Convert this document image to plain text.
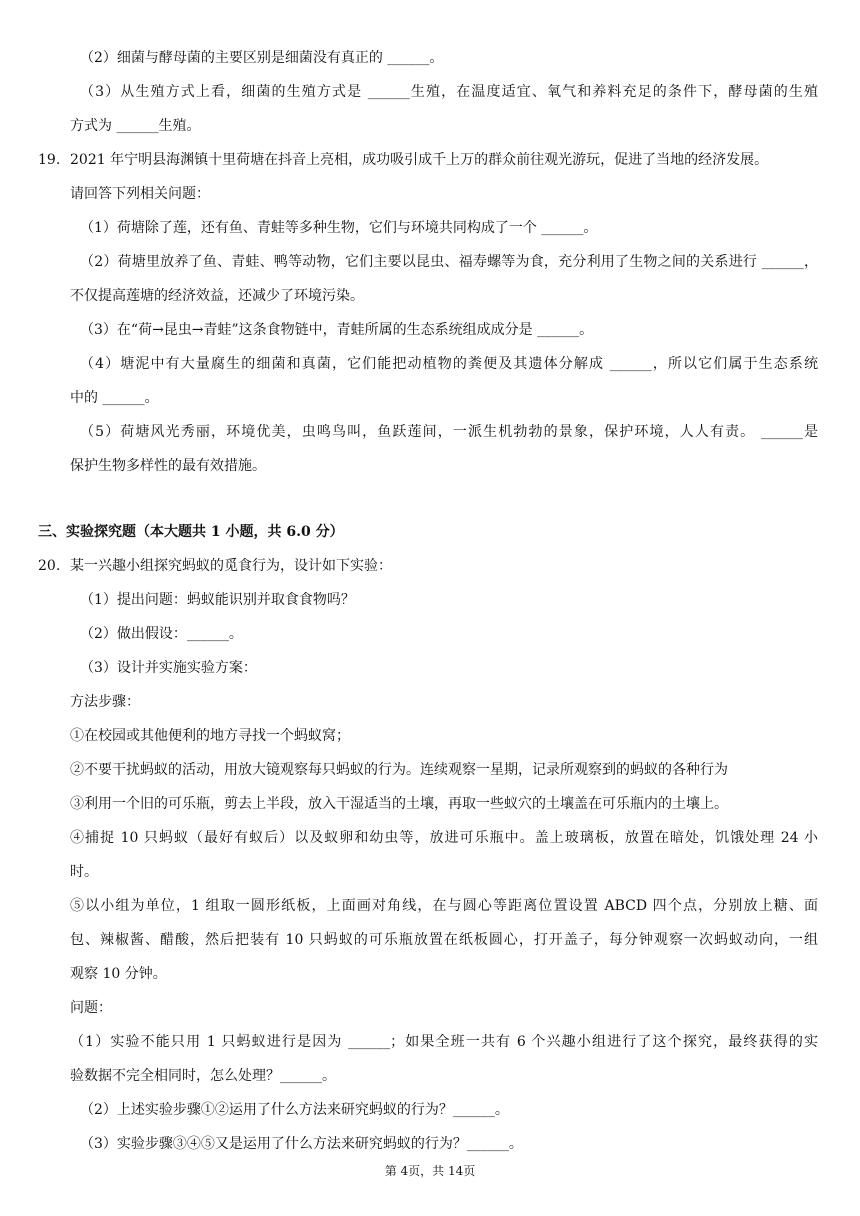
（2）细菌与酵母菌的主要区别是细菌没有真正的 ______。
（3）从生殖方式上看，细菌的生殖方式是 ______生殖，在温度适宜、氧气和养料充足的条件下，酵母菌的生殖
方式为 ______生殖。
19. 2021 年宁明县海渊镇十里荷塘在抖音上亮相，成功吸引成千上万的群众前往观光游玩，促进了当地的经济发展。
请回答下列相关问题：
（1）荷塘除了莲，还有鱼、青蛙等多种生物，它们与环境共同构成了一个 ______。
（2）荷塘里放养了鱼、青蛙、鸭等动物，它们主要以昆虫、福寿螺等为食，充分利用了生物之间的关系进行 ______，
不仅提高莲塘的经济效益，还减少了环境污染。
（3）在“荷→昆虫→青蛙”这条食物链中，青蛙所属的生态系统组成成分是 ______。
（4）塘泥中有大量腐生的细菌和真菌，它们能把动植物的粪便及其遗体分解成 ______，所以它们属于生态系统
中的 ______。
（5）荷塘风光秀丽，环境优美，虫鸣鸟叫，鱼跃莲间，一派生机勃勃的景象，保护环境，人人有责。 ______是
保护生物多样性的最有效措施。
三、实验探究题（本大题共 1 小题，共 6.0 分）
20. 某一兴趣小组探究蚂蚁的觅食行为，设计如下实验：
（1）提出问题：蚂蚁能识别并取食食物吗？
（2）做出假设：______。
（3）设计并实施实验方案：
方法步骤：
①在校园或其他便利的地方寻找一个蚂蚁窝；
②不要干扰蚂蚁的活动，用放大镜观察每只蚂蚁的行为。连续观察一星期，记录所观察到的蚂蚁的各种行为
③利用一个旧的可乐瓶，剪去上半段，放入干湿适当的土壤，再取一些蚁穴的土壤盖在可乐瓶内的土壤上。
④捕捉 10 只蚂蚁（最好有蚁后）以及蚁卵和幼虫等，放进可乐瓶中。盖上玻璃板，放置在暗处，饥饿处理 24 小
时。
⑤以小组为单位，1 组取一圆形纸板，上面画对角线，在与圆心等距离位置设置 ABCD 四个点，分别放上糖、面
包、辣椒酱、醋酸，然后把装有 10 只蚂蚁的可乐瓶放置在纸板圆心，打开盖子，每分钟观察一次蚂蚁动向，一组
观察 10 分钟。
问题：
（1）实验不能只用 1 只蚂蚁进行是因为 ______；如果全班一共有 6 个兴趣小组进行了这个探究，最终获得的实
验数据不完全相同时，怎么处理？______。
（2）上述实验步骤①②运用了什么方法来研究蚂蚁的行为？______。
（3）实验步骤③④⑤又是运用了什么方法来研究蚂蚁的行为？______。
第 4页，共 14页
